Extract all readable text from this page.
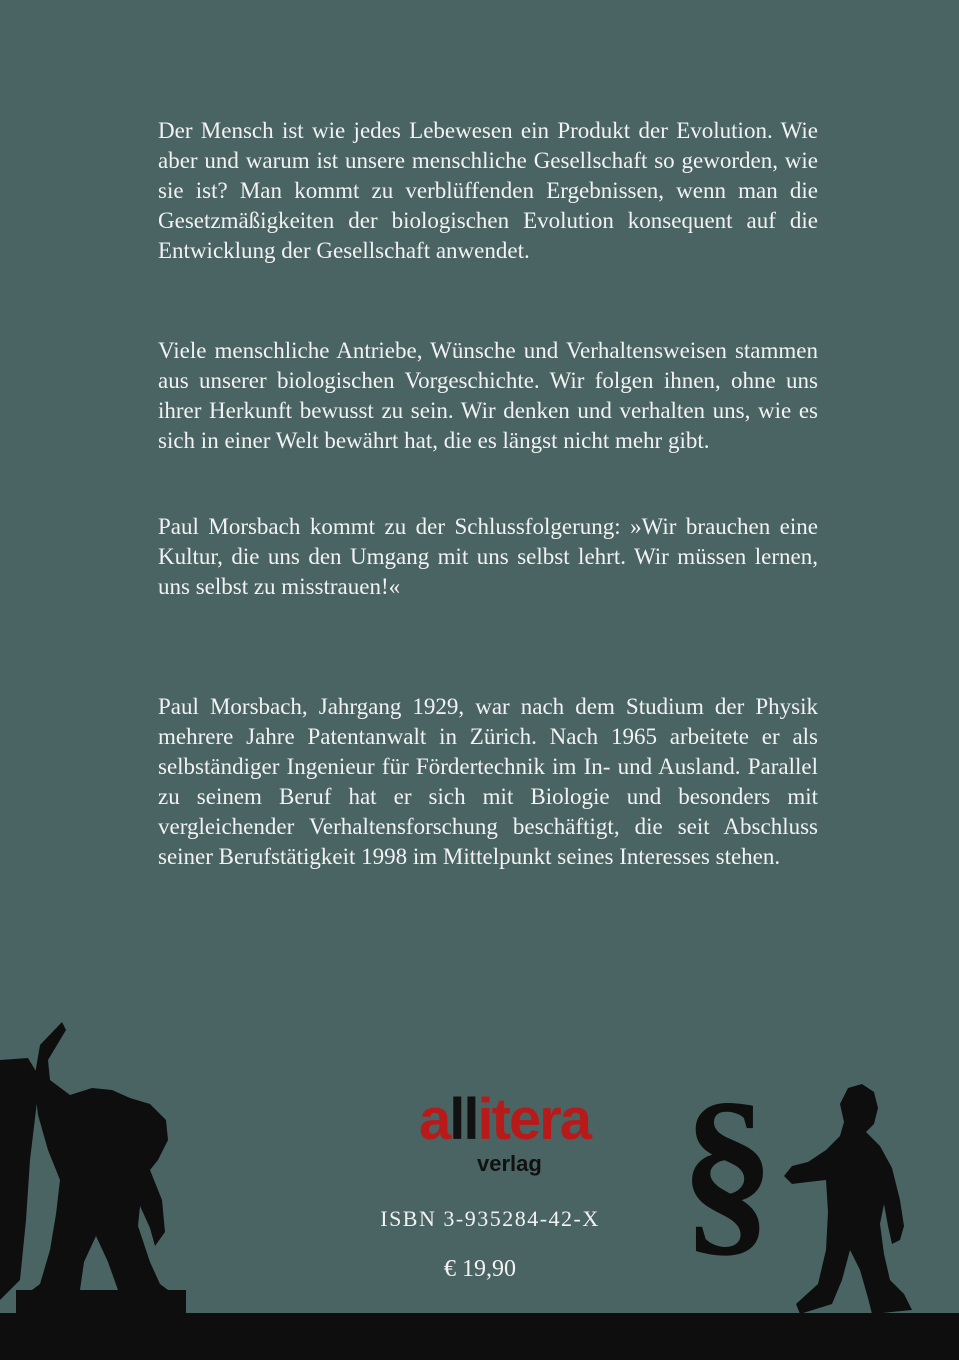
Der Mensch ist wie jedes Lebewesen ein Produkt der Evolution. Wie aber und warum ist unsere menschliche Gesellschaft so geworden, wie sie ist? Man kommt zu verblüffenden Ergebnissen, wenn man die Gesetzmäßigkeiten der biologischen Evolution konsequent auf die Entwicklung der Gesellschaft anwendet.

Viele menschliche Antriebe, Wünsche und Verhaltensweisen stammen aus unserer biologischen Vorgeschichte. Wir folgen ihnen, ohne uns ihrer Herkunft bewusst zu sein. Wir denken und verhalten uns, wie es sich in einer Welt bewährt hat, die es längst nicht mehr gibt.

Paul Morsbach kommt zu der Schlussfolgerung: »Wir brauchen eine Kultur, die uns den Umgang mit uns selbst lehrt. Wir müssen lernen, uns selbst zu misstrauen!«

Paul Morsbach, Jahrgang 1929, war nach dem Studium der Physik mehrere Jahre Patentanwalt in Zürich. Nach 1965 arbeitete er als selbständiger Ingenieur für Fördertechnik im In- und Ausland. Parallel zu seinem Beruf hat er sich mit Biologie und besonders mit vergleichender Verhaltensforschung beschäftigt, die seit Abschluss seiner Berufstätigkeit 1998 im Mittelpunkt seines Interesses stehen.

§
allitera
verlag
ISBN 3-935284-42-X
€ 19,90
